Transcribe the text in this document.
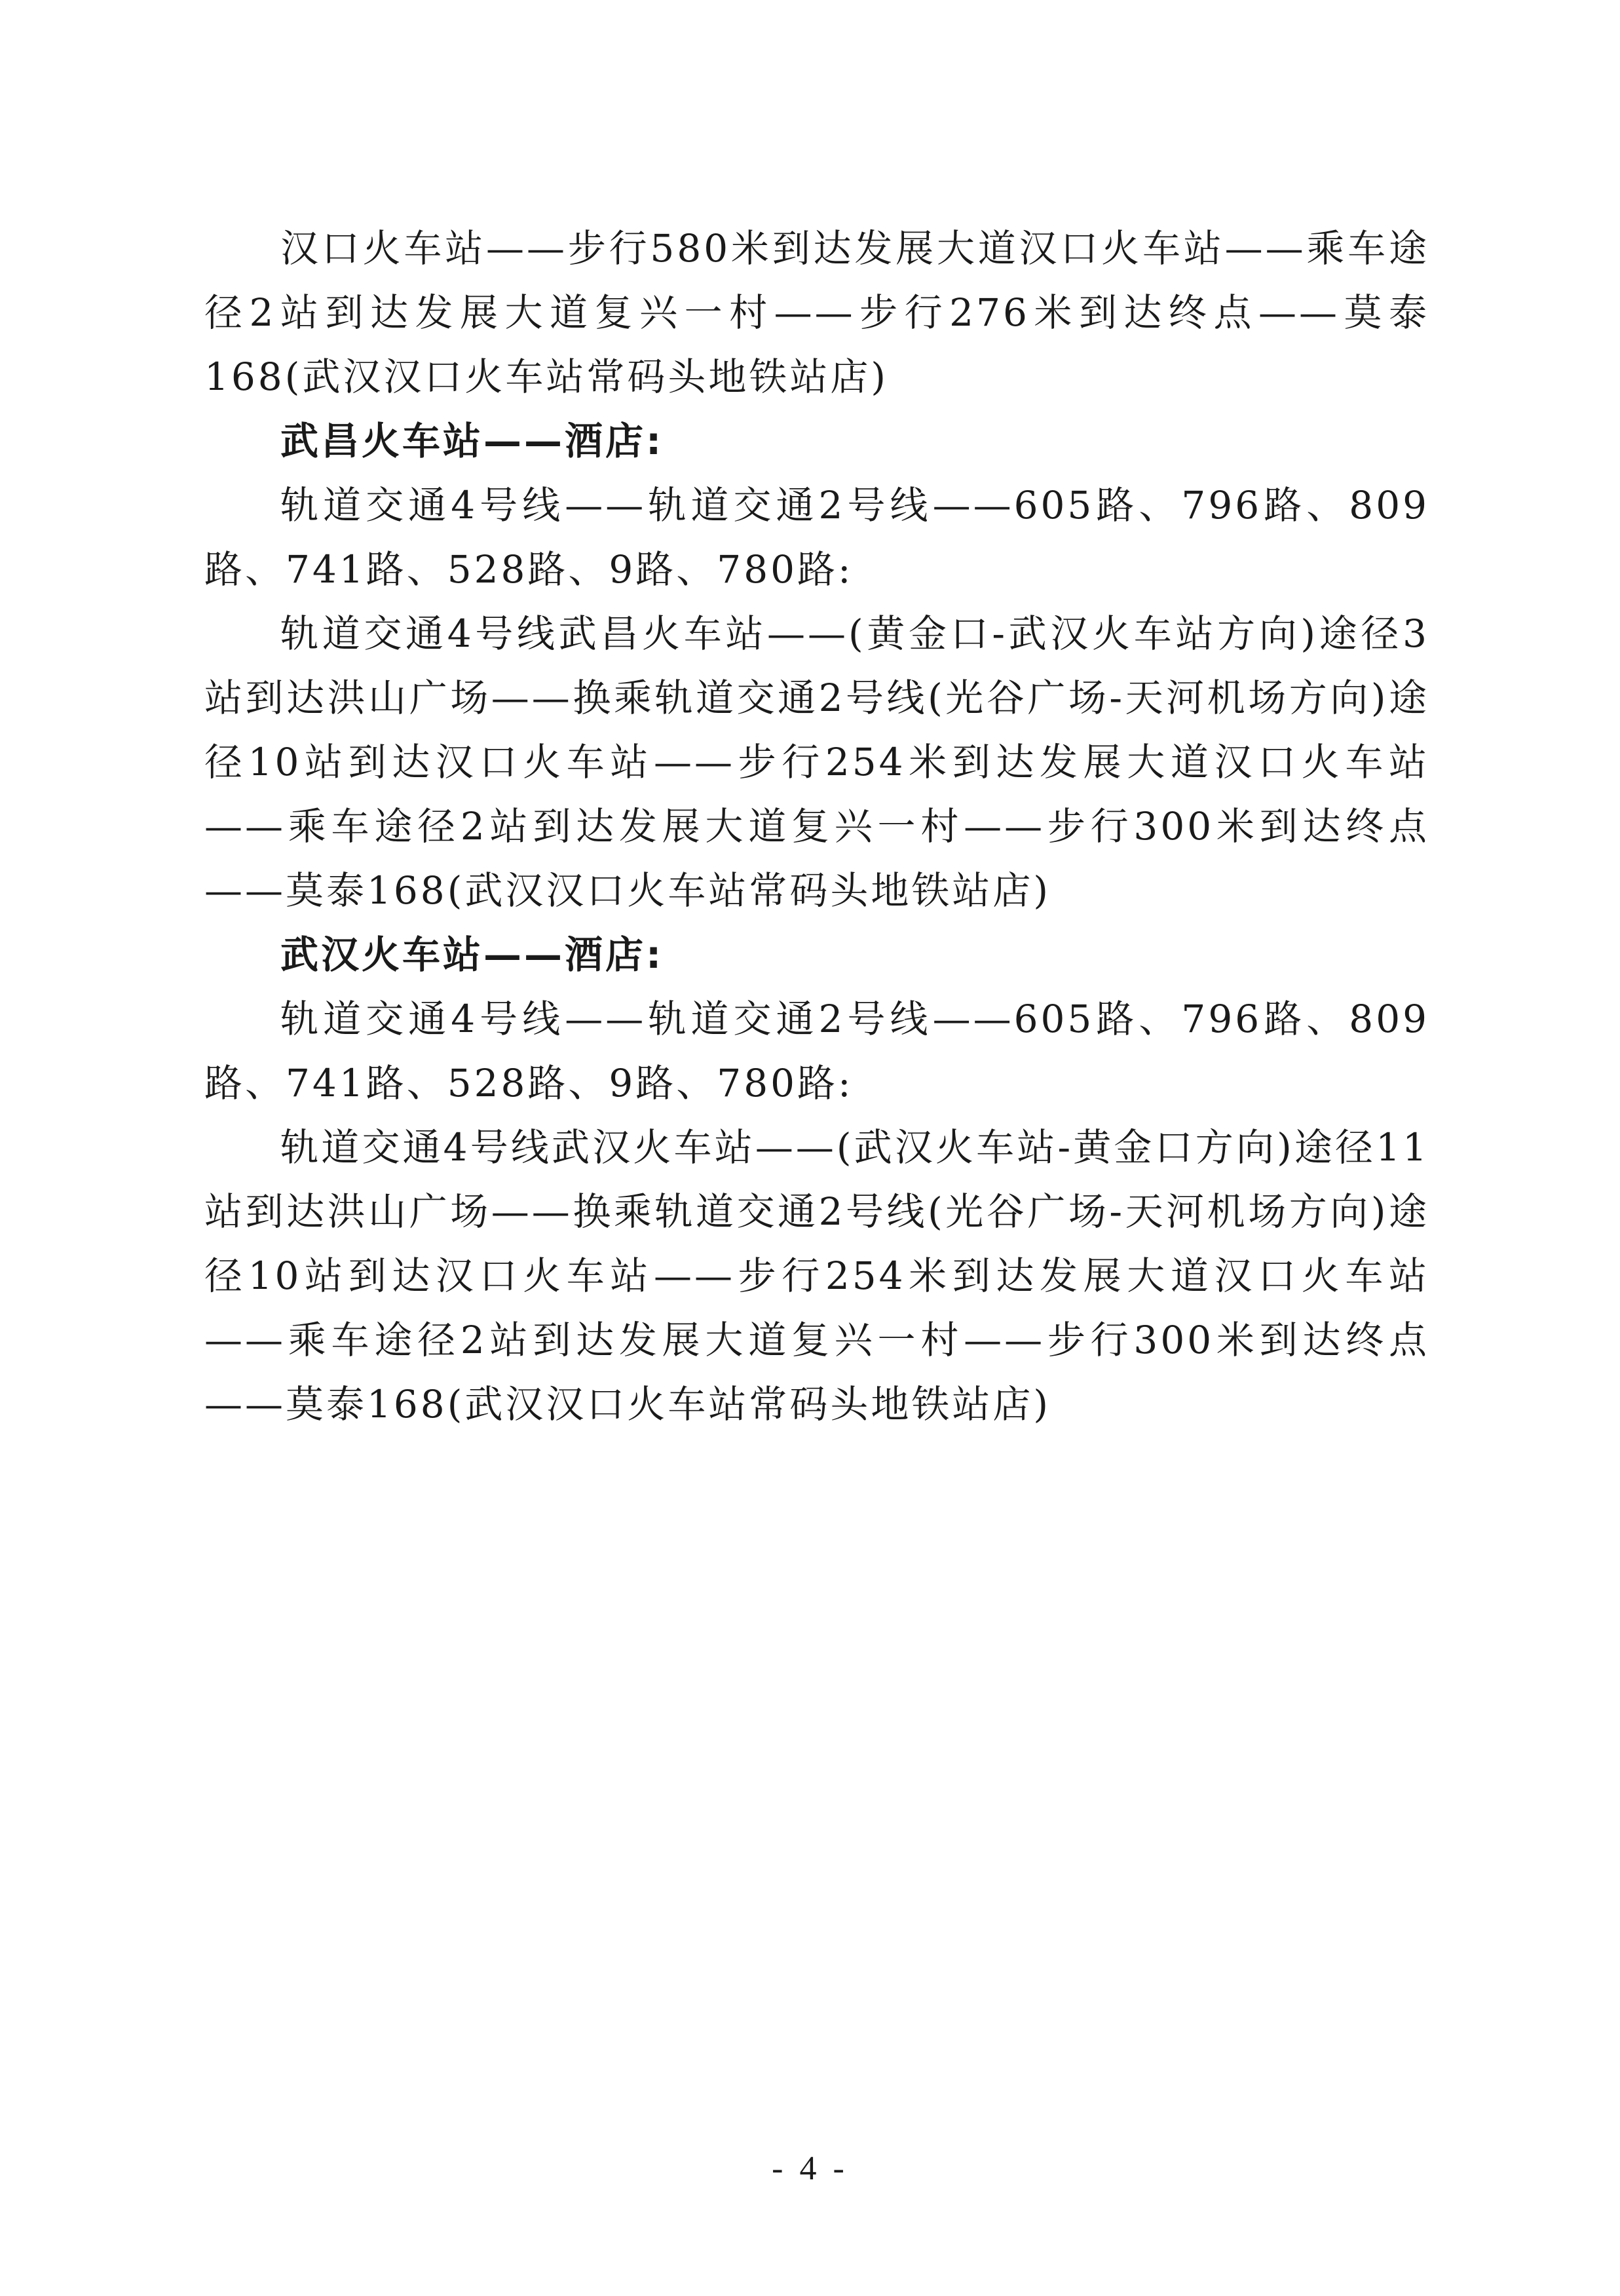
汉口火车站——步行580米到达发展大道汉口火车站——乘车途径2站到达发展大道复兴一村——步行276米到达终点——莫泰168(武汉汉口火车站常码头地铁站店)

武昌火车站——酒店:

轨道交通4号线——轨道交通2号线——605路、796路、809路、741路、528路、9路、780路:

轨道交通4号线武昌火车站——(黄金口-武汉火车站方向)途径3站到达洪山广场——换乘轨道交通2号线(光谷广场-天河机场方向)途径10站到达汉口火车站——步行254米到达发展大道汉口火车站——乘车途径2站到达发展大道复兴一村——步行300米到达终点——莫泰168(武汉汉口火车站常码头地铁站店)

武汉火车站——酒店:

轨道交通4号线——轨道交通2号线——605路、796路、809路、741路、528路、9路、780路:

轨道交通4号线武汉火车站——(武汉火车站-黄金口方向)途径11站到达洪山广场——换乘轨道交通2号线(光谷广场-天河机场方向)途径10站到达汉口火车站——步行254米到达发展大道汉口火车站——乘车途径2站到达发展大道复兴一村——步行300米到达终点——莫泰168(武汉汉口火车站常码头地铁站店)

- 4 -
